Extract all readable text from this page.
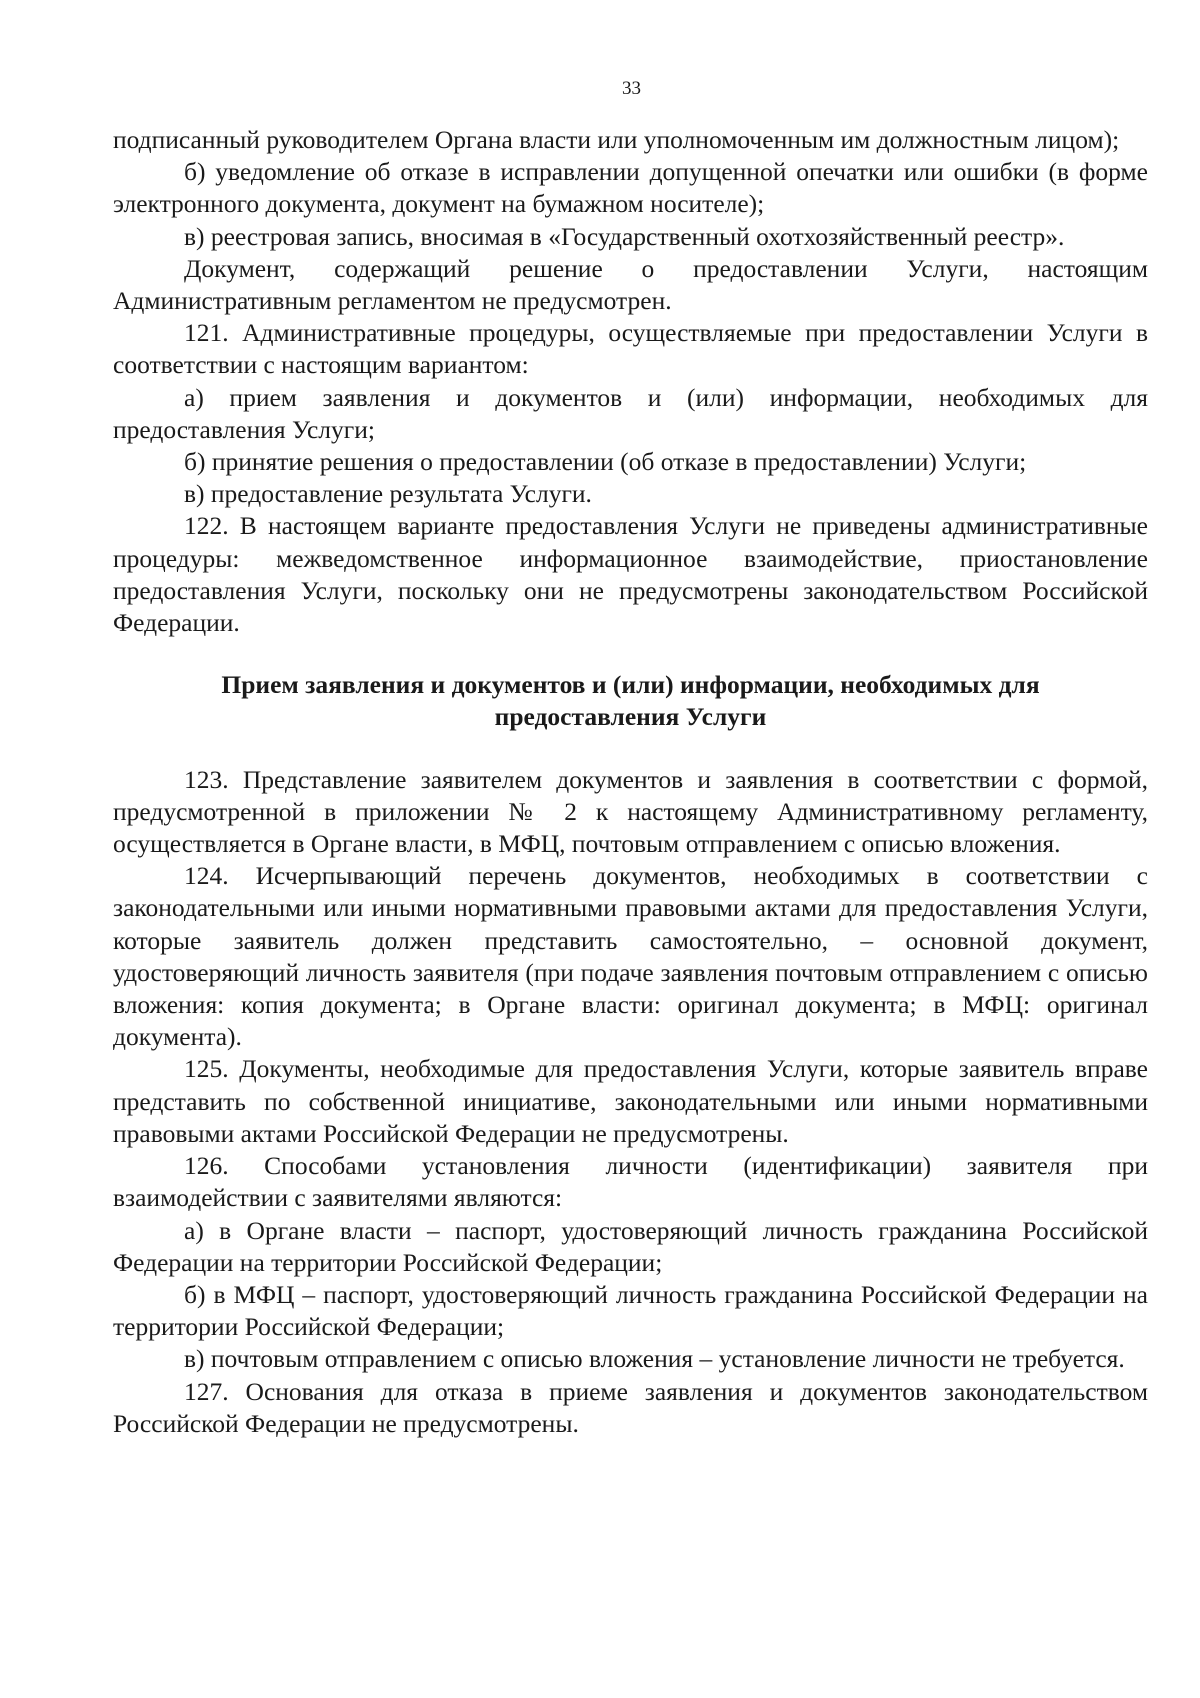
33

подписанный руководителем Органа власти или уполномоченным им должностным лицом);

б) уведомление об отказе в исправлении допущенной опечатки или ошибки (в форме электронного документа, документ на бумажном носителе);

в) реестровая запись, вносимая в «Государственный охотхозяйственный реестр».

Документ, содержащий решение о предоставлении Услуги, настоящим Административным регламентом не предусмотрен.

121. Административные процедуры, осуществляемые при предоставлении Услуги в соответствии с настоящим вариантом:

а) прием заявления и документов и (или) информации, необходимых для предоставления Услуги;

б) принятие решения о предоставлении (об отказе в предоставлении) Услуги;

в) предоставление результата Услуги.

122. В настоящем варианте предоставления Услуги не приведены административные процедуры: межведомственное информационное взаимодействие, приостановление предоставления Услуги, поскольку они не предусмотрены законодательством Российской Федерации.

Прием заявления и документов и (или) информации, необходимых для предоставления Услуги

123. Представление заявителем документов и заявления в соответствии с формой, предусмотренной в приложении № 2 к настоящему Административному регламенту, осуществляется в Органе власти, в МФЦ, почтовым отправлением с описью вложения.

124. Исчерпывающий перечень документов, необходимых в соответствии с законодательными или иными нормативными правовыми актами для предоставления Услуги, которые заявитель должен представить самостоятельно, – основной документ, удостоверяющий личность заявителя (при подаче заявления почтовым отправлением с описью вложения: копия документа; в Органе власти: оригинал документа; в МФЦ: оригинал документа).

125. Документы, необходимые для предоставления Услуги, которые заявитель вправе представить по собственной инициативе, законодательными или иными нормативными правовыми актами Российской Федерации не предусмотрены.

126. Способами установления личности (идентификации) заявителя при взаимодействии с заявителями являются:

а) в Органе власти – паспорт, удостоверяющий личность гражданина Российской Федерации на территории Российской Федерации;

б) в МФЦ – паспорт, удостоверяющий личность гражданина Российской Федерации на территории Российской Федерации;

в) почтовым отправлением с описью вложения – установление личности не требуется.

127. Основания для отказа в приеме заявления и документов законодательством Российской Федерации не предусмотрены.
